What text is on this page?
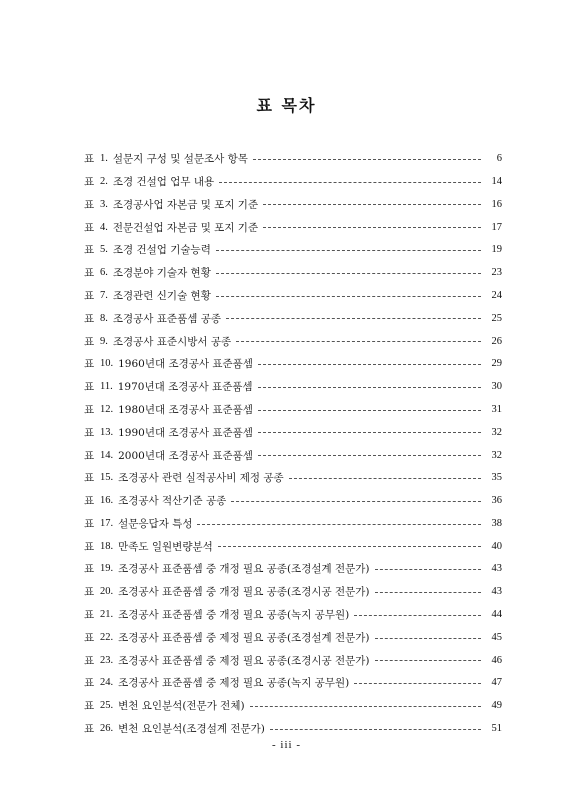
표 목차
표 1. 설문지 구성 및 설문조사 항목	6
표 2. 조경 건설업 업무 내용	14
표 3. 조경공사업 자본금 및 포지 기준	16
표 4. 전문건설업 자본금 및 포지 기준	17
표 5. 조경 건설업 기술능력	19
표 6. 조경분야 기술자 현황	23
표 7. 조경관련 신기술 현황	24
표 8. 조경공사 표준품셈 공종	25
표 9. 조경공사 표준시방서 공종	26
표 10. 1960년대 조경공사 표준품셈	29
표 11. 1970년대 조경공사 표준품셈	30
표 12. 1980년대 조경공사 표준품셈	31
표 13. 1990년대 조경공사 표준품셈	32
표 14. 2000년대 조경공사 표준품셈	32
표 15. 조경공사 관련 실적공사비 제정 공종	35
표 16. 조경공사 적산기준 공종	36
표 17. 설문응답자 특성	38
표 18. 만족도 일원변량분석	40
표 19. 조경공사 표준품셈 중 개정 필요 공종(조경설계 전문가)	43
표 20. 조경공사 표준품셈 중 개정 필요 공종(조경시공 전문가)	43
표 21. 조경공사 표준품셈 중 개정 필요 공종(녹지 공무원)	44
표 22. 조경공사 표준품셈 중 제정 필요 공종(조경설계 전문가)	45
표 23. 조경공사 표준품셈 중 제정 필요 공종(조경시공 전문가)	46
표 24. 조경공사 표준품셈 중 제정 필요 공종(녹지 공무원)	47
표 25. 변천 요인분석(전문가 전체)	49
표 26. 변천 요인분석(조경설계 전문가)	51
- iii -
